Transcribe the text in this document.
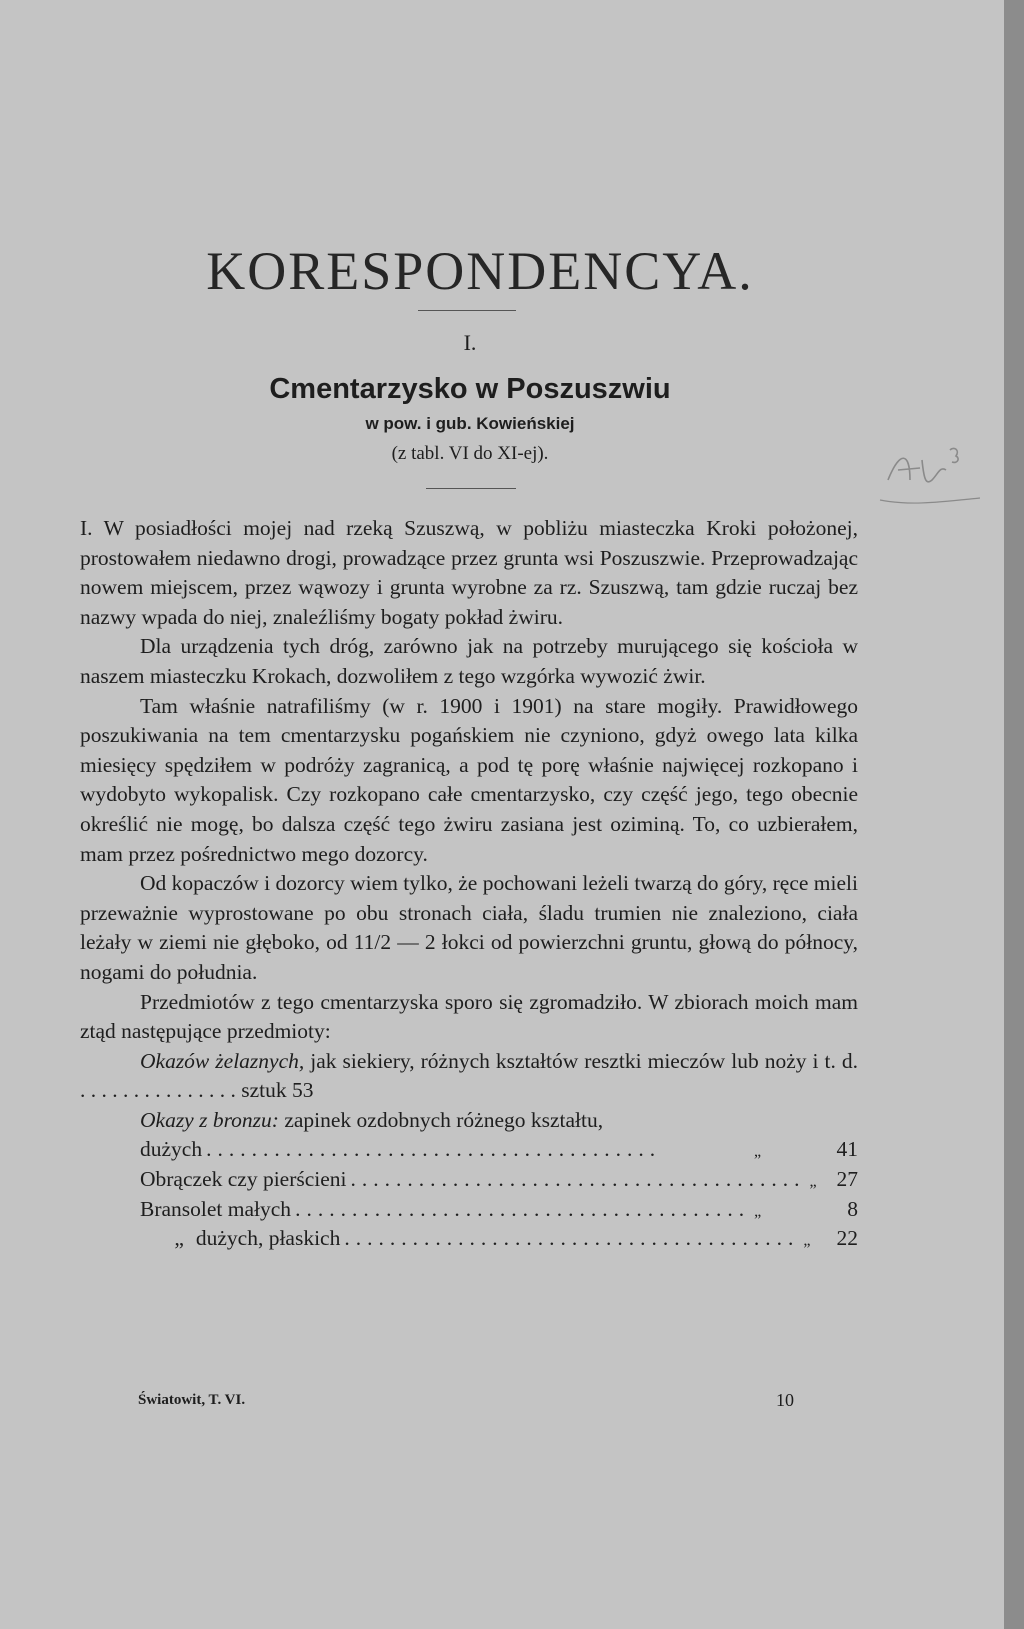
KORESPONDENCYA.
I.
Cmentarzysko w Poszuszwiu
w pow. i gub. Kowieńskiej
(z tabl. VI do XI-ej).

I. W posiadłości mojej nad rzeką Szuszwą, w pobliżu miasteczka Kroki położonej, prostowałem niedawno drogi, prowadzące przez grunta wsi Poszuszwie. Przeprowadzając nowem miejscem, przez wąwozy i grunta wyrobne za rz. Szuszwą, tam gdzie ruczaj bez nazwy wpada do niej, znaleźliśmy bogaty pokład żwiru.

Dla urządzenia tych dróg, zarówno jak na potrzeby murującego się kościoła w naszem miasteczku Krokach, dozwoliłem z tego wzgórka wywozić żwir.

Tam właśnie natrafiliśmy (w r. 1900 i 1901) na stare mogiły. Prawidłowego poszukiwania na tem cmentarzysku pogańskiem nie czyniono, gdyż owego lata kilka miesięcy spędziłem w podróży zagranicą, a pod tę porę właśnie najwięcej rozkopano i wydobyto wykopalisk. Czy rozkopano całe cmentarzysko, czy część jego, tego obecnie określić nie mogę, bo dalsza część tego żwiru zasiana jest oziminą. To, co uzbierałem, mam przez pośrednictwo mego dozorcy.

Od kopaczów i dozorcy wiem tylko, że pochowani leżeli twarzą do góry, ręce mieli przeważnie wyprostowane po obu stronach ciała, śladu trumien nie znaleziono, ciała leżały w ziemi nie głęboko, od 11/2 — 2 łokci od powierzchni gruntu, głową do północy, nogami do południa.

Przedmiotów z tego cmentarzyska sporo się zgromadziło. W zbiorach moich mam ztąd następujące przedmioty:

Okazów żelaznych, jak siekiery, różnych kształtów resztki mieczów lub noży i t. d. . . . . . . . . . . . . . . . sztuk 53

Okazy z bronzu: zapinek ozdobnych różnego kształtu,

dużych ........................................	„	41
Obrączek czy pierścieni ........................................ „ 27
Bransolet małych ........................................ „	8
„ dużych, płaskich ........................................ „	22
Światowit, T. VI.	10
